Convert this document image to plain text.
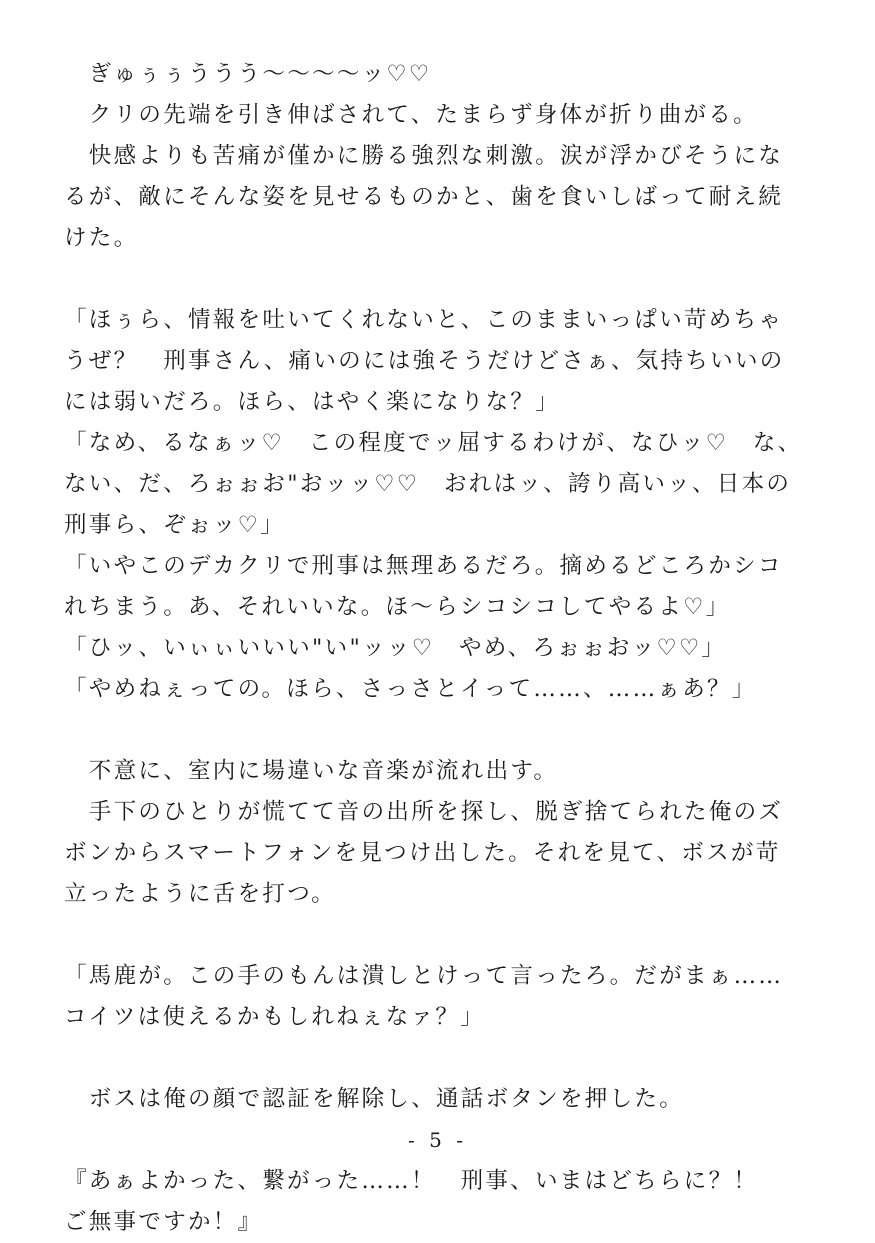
　ぎゅぅぅううう～～～～ッ♡♡
　クリの先端を引き伸ばされて、たまらず身体が折り曲がる。
　快感よりも苦痛が僅かに勝る強烈な刺激。涙が浮かびそうにな
るが、敵にそんな姿を見せるものかと、歯を食いしばって耐え続
けた。
「ほぅら、情報を吐いてくれないと、このままいっぱい苛めちゃ
うぜ？　刑事さん、痛いのには強そうだけどさぁ、気持ちいいの
には弱いだろ。ほら、はやく楽になりな？」
「なめ、るなぁッ♡　この程度でッ屈するわけが、なひッ♡　な、
ない、だ、ろぉぉお"おッッ♡♡　おれはッ、誇り高いッ、日本の
刑事ら、ぞぉッ♡」
「いやこのデカクリで刑事は無理あるだろ。摘めるどころかシコ
れちまう。あ、それいいな。ほ～らシコシコしてやるよ♡」
「ひッ、いぃぃいいい"い"ッッ♡　やめ、ろぉぉおッ♡♡」
「やめねぇっての。ほら、さっさとイって……、……ぁあ？」
　不意に、室内に場違いな音楽が流れ出す。
　手下のひとりが慌てて音の出所を探し、脱ぎ捨てられた俺のズ
ボンからスマートフォンを見つけ出した。それを見て、ボスが苛
立ったように舌を打つ。
「馬鹿が。この手のもんは潰しとけって言ったろ。だがまぁ……
コイツは使えるかもしれねぇなァ？」
　ボスは俺の顔で認証を解除し、通話ボタンを押した。
『あぁよかった、繋がった……！　刑事、いまはどちらに？！
ご無事ですか！』
- 5 -
